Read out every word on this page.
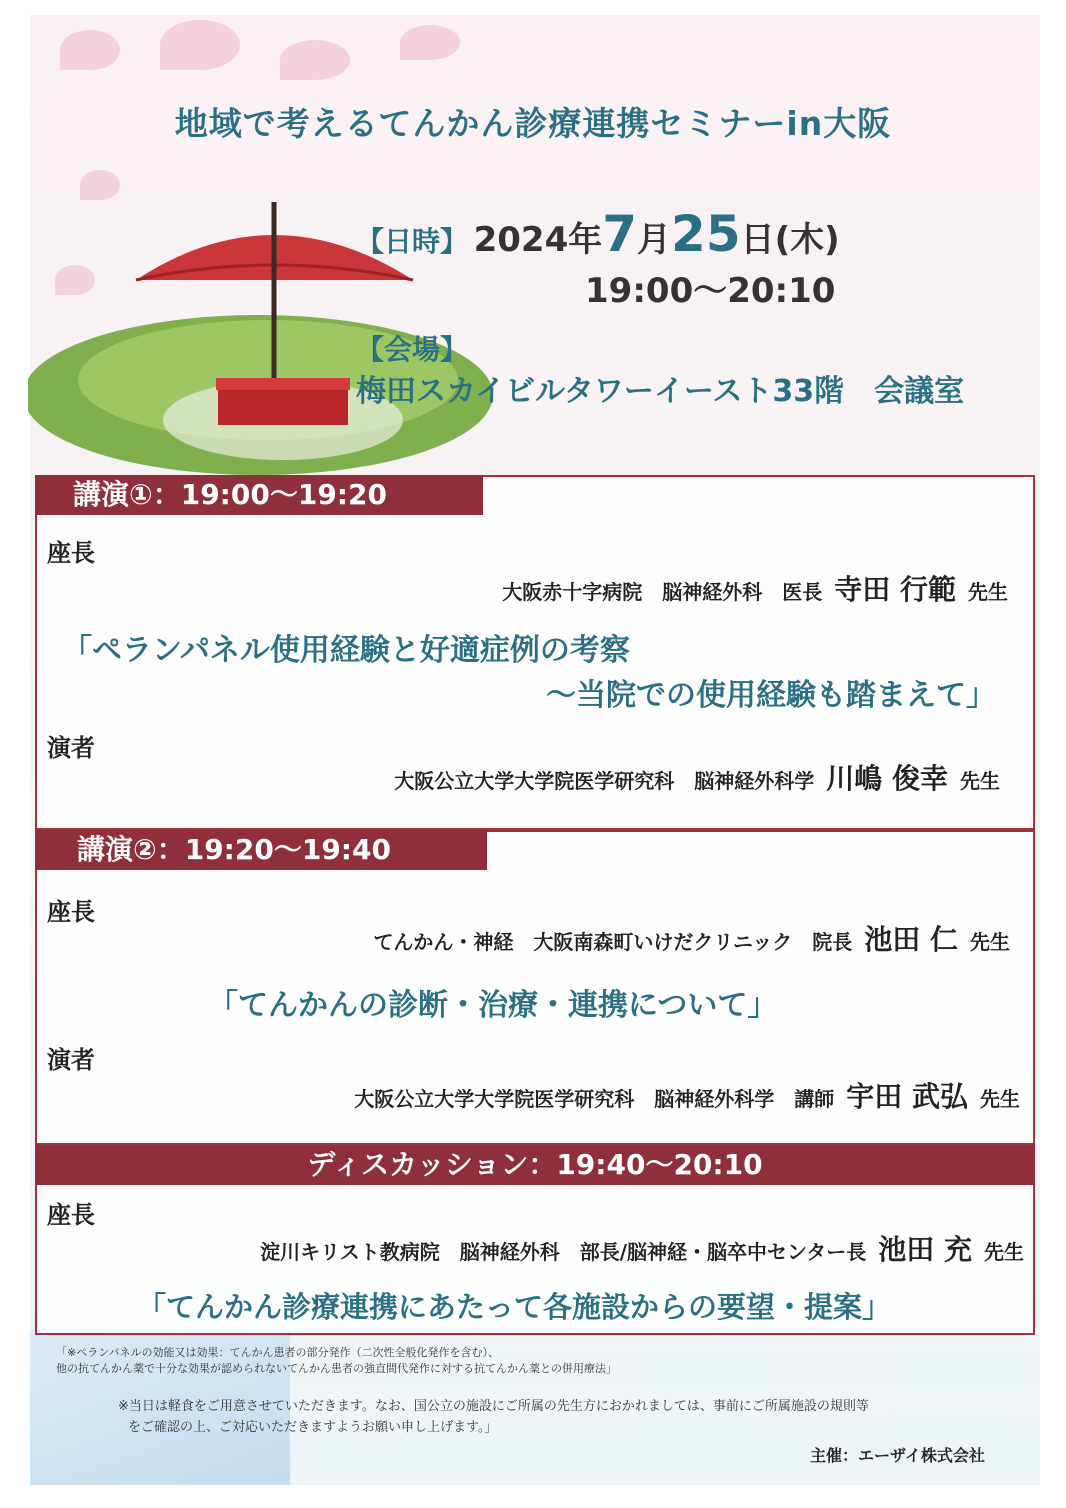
地域で考えるてんかん診療連携セミナーin大阪
【日時】 2024年7月25日(木)
19:00〜20:10
【会場】
梅田スカイビルタワーイースト33階　会議室
講演①：19:00〜19:20
座長
大阪赤十字病院　脳神経外科　医長 寺田 行範 先生
「ペランパネル使用経験と好適症例の考察
〜当院での使用経験も踏まえて」
演者
大阪公立大学大学院医学研究科　脳神経外科学 川嶋 俊幸 先生
講演②：19:20〜19:40
座長
てんかん・神経　大阪南森町いけだクリニック　院長 池田 仁 先生
「てんかんの診断・治療・連携について」
演者
大阪公立大学大学院医学研究科　脳神経外科学　講師 宇田 武弘 先生
ディスカッション：19:40〜20:10
座長
淀川キリスト教病院　脳神経外科　部長/脳神経・脳卒中センター長 池田 充 先生
「てんかん診療連携にあたって各施設からの要望・提案」
「※ペランパネルの効能又は効果：てんかん患者の部分発作（二次性全般化発作を含む）、
他の抗てんかん薬で十分な効果が認められないてんかん患者の強直間代発作に対する抗てんかん薬との併用療法」
※当日は軽食をご用意させていただきます。なお、国公立の施設にご所属の先生方におかれましては、事前にご所属施設の規則等
をご確認の上、ご対応いただきますようお願い申し上げます。」
主催：エーザイ株式会社
